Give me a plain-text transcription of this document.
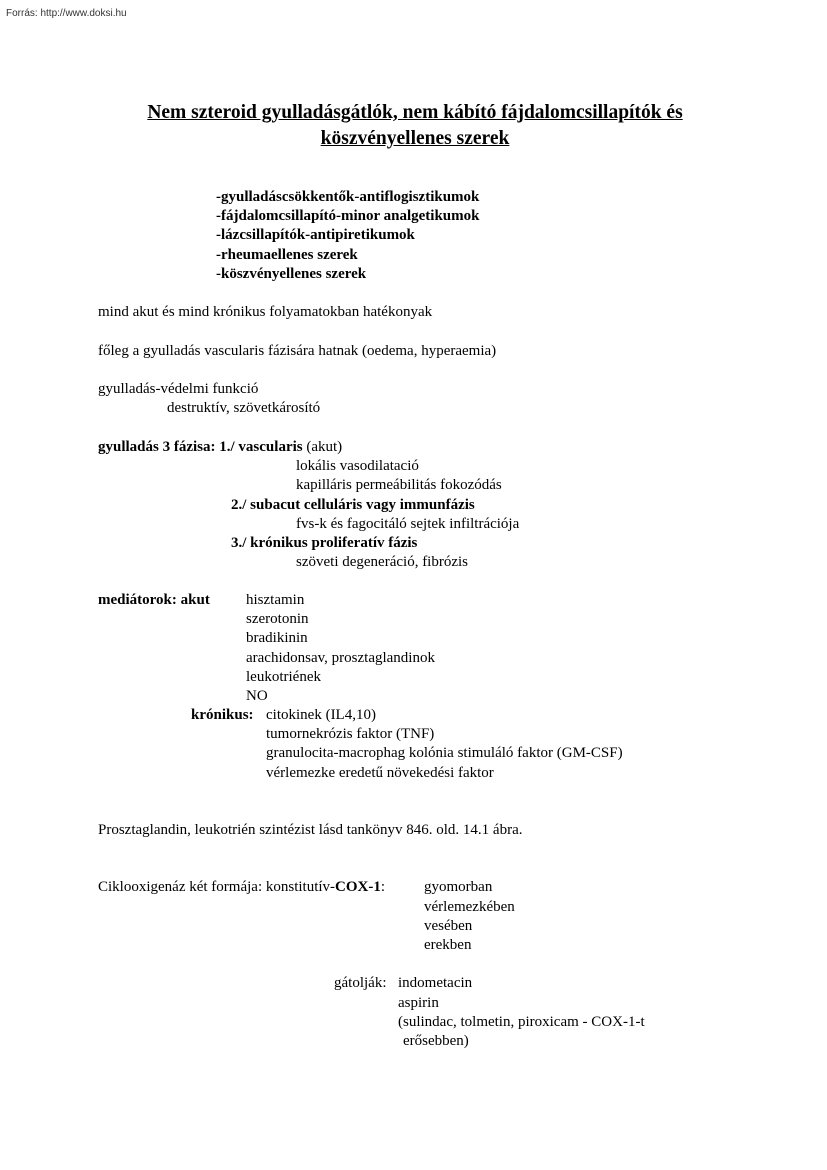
Forrás: http://www.doksi.hu
Nem szteroid gyulladásgátlók, nem kábító fájdalomcsillapítók és
köszvényellenes szerek
-gyulladáscsökkentők-antiflogisztikumok
-fájdalomcsillapító-minor analgetikumok
-lázcsillapítók-antipiretikumok
-rheumaellenes szerek
-köszvényellenes szerek
mind akut és mind krónikus folyamatokban hatékonyak
főleg a gyulladás vascularis fázisára hatnak (oedema, hyperaemia)
gyulladás-védelmi funkció
destruktív, szövetkárosító
gyulladás 3 fázisa: 1./ vascularis (akut)
lokális vasodilatació
kapilláris permeábilitás fokozódás
2./ subacut celluláris vagy immunfázis
fvs-k és fagocitáló sejtek infiltrációja
3./ krónikus proliferatív fázis
szöveti degeneráció, fibrózis
mediátorok: akut hisztamin
szerotonin
bradikinin
arachidonsav, prosztaglandinok
leukotriének
NO
krónikus: citokinek (IL4,10)
tumornekrózis faktor (TNF)
granulocita-macrophag kolónia stimuláló faktor (GM-CSF)
vérlemezke eredetű növekedési faktor
Prosztaglandin, leukotrién szintézist lásd tankönyv 846. old. 14.1 ábra.
Ciklooxigenáz két formája: konstitutív-COX-1:	gyomorban
vérlemezkében
vesében
erekben
gátolják: indometacin
aspirin
(sulindac, tolmetin, piroxicam - COX-1-t
erősebben)
